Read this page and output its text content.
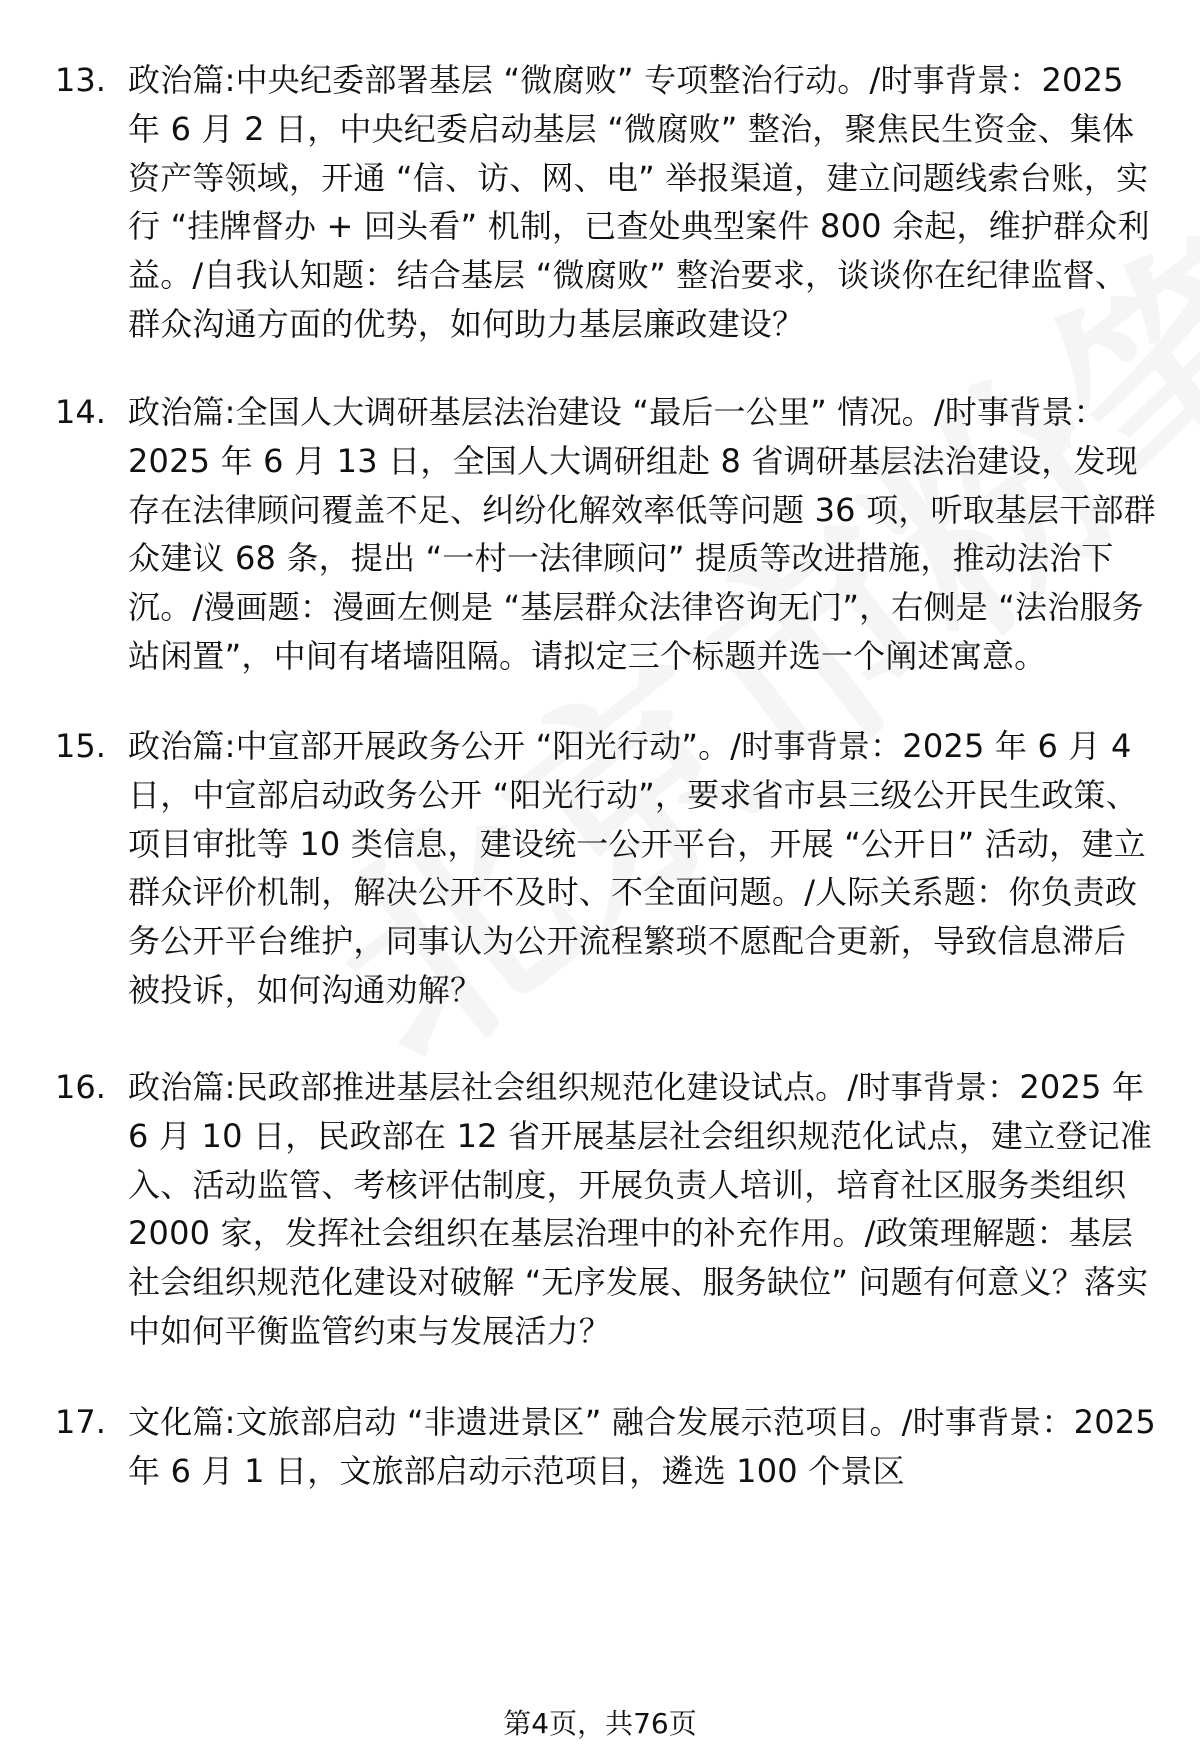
13. 政治篇:中央纪委部署基层 “微腐败” 专项整治行动。/时事背景：2025 年 6 月 2 日，中央纪委启动基层 “微腐败” 整治，聚焦民生资金、集体资产等领域，开通 “信、访、网、电” 举报渠道，建立问题线索台账，实行 “挂牌督办 + 回头看” 机制，已查处典型案件 800 余起，维护群众利益。/自我认知题：结合基层 “微腐败” 整治要求，谈谈你在纪律监督、群众沟通方面的优势，如何助力基层廉政建设？
14. 政治篇:全国人大调研基层法治建设 “最后一公里” 情况。/时事背景：2025 年 6 月 13 日，全国人大调研组赴 8 省调研基层法治建设，发现存在法律顾问覆盖不足、纠纷化解效率低等问题 36 项，听取基层干部群众建议 68 条，提出 “一村一法律顾问” 提质等改进措施，推动法治下沉。/漫画题：漫画左侧是 “基层群众法律咨询无门”，右侧是 “法治服务站闲置”，中间有堵墙阻隔。请拟定三个标题并选一个阐述寓意。
15. 政治篇:中宣部开展政务公开 “阳光行动”。/时事背景：2025 年 6 月 4 日，中宣部启动政务公开 “阳光行动”，要求省市县三级公开民生政策、项目审批等 10 类信息，建设统一公开平台，开展 “公开日” 活动，建立群众评价机制，解决公开不及时、不全面问题。/人际关系题：你负责政务公开平台维护，同事认为公开流程繁琐不愿配合更新，导致信息滞后被投诉，如何沟通劝解？
16. 政治篇:民政部推进基层社会组织规范化建设试点。/时事背景：2025 年 6 月 10 日，民政部在 12 省开展基层社会组织规范化试点，建立登记准入、活动监管、考核评估制度，开展负责人培训，培育社区服务类组织 2000 家，发挥社会组织在基层治理中的补充作用。/政策理解题：基层社会组织规范化建设对破解 “无序发展、服务缺位” 问题有何意义？落实中如何平衡监管约束与发展活力？
17. 文化篇:文旅部启动 “非遗进景区” 融合发展示范项目。/时事背景：2025 年 6 月 1 日，文旅部启动示范项目，遴选 100 个景区
第4页，共76页
